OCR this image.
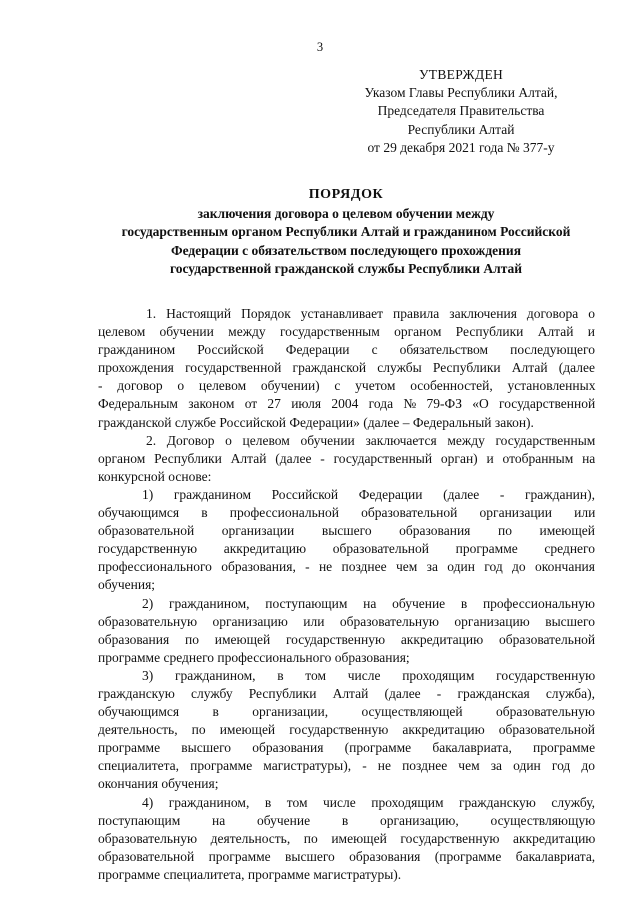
3
УТВЕРЖДЕН
Указом Главы Республики Алтай,
Председателя Правительства
Республики Алтай
от 29 декабря 2021 года № 377-у
ПОРЯДОК
заключения договора о целевом обучении между
государственным органом Республики Алтай и гражданином Российской
Федерации с обязательством последующего прохождения
государственной гражданской службы Республики Алтай

1. Настоящий Порядок устанавливает правила заключения договора о
целевом обучении между государственным органом Республики Алтай и
гражданином Российской Федерации с обязательством последующего
прохождения государственной гражданской службы Республики Алтай (далее
- договор о целевом обучении) с учетом особенностей, установленных
Федеральным законом от 27 июля 2004 года № 79-ФЗ «О государственной
гражданской службе Российской Федерации» (далее – Федеральный закон).

2. Договор о целевом обучении заключается между государственным
органом Республики Алтай (далее - государственный орган) и отобранным на
конкурсной основе:

1) гражданином Российской Федерации (далее - гражданин),
обучающимся в профессиональной образовательной организации или
образовательной организации высшего образования по имеющей
государственную аккредитацию образовательной программе среднего
профессионального образования, - не позднее чем за один год до окончания
обучения;

2) гражданином, поступающим на обучение в профессиональную
образовательную организацию или образовательную организацию высшего
образования по имеющей государственную аккредитацию образовательной
программе среднего профессионального образования;

3) гражданином, в том числе проходящим государственную
гражданскую службу Республики Алтай (далее - гражданская служба),
обучающимся в организации, осуществляющей образовательную
деятельность, по имеющей государственную аккредитацию образовательной
программе высшего образования (программе бакалавриата, программе
специалитета, программе магистратуры), - не позднее чем за один год до
окончания обучения;

4) гражданином, в том числе проходящим гражданскую службу,
поступающим на обучение в организацию, осуществляющую
образовательную деятельность, по имеющей государственную аккредитацию
образовательной программе высшего образования (программе бакалавриата,
программе специалитета, программе магистратуры).
